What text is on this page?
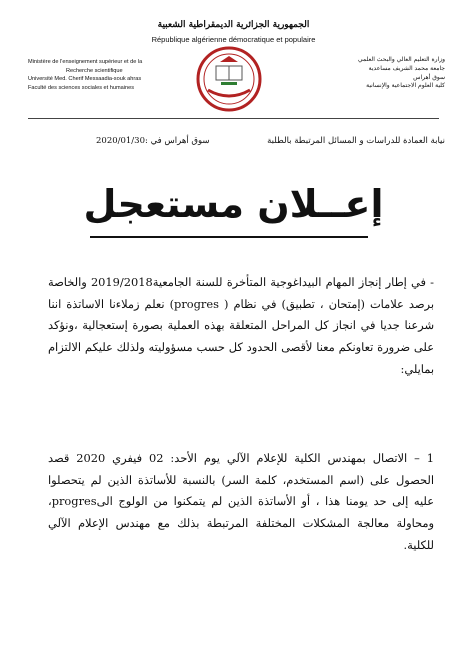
الجمهورية الجزائرية الديمقراطية الشعبية
République algérienne démocratique et populaire
Ministère de l'enseignement supérieur et de la
Recherche scientifique
Université Med. Cherif Messaadia-souk ahras
Faculté des sciences sociales et humaines
وزارة التعليم العالي والبحث العلمي
جامعة محمد الشريف مساعدية
سوق أهراس
كلية العلوم الاجتماعية والإنسانية
نيابة العمادة للدراسات و المسائل المرتبطة بالطلبة
سوق أهراس في :2020/01/30
إعــلان مستعجل
- في إطار إنجاز المهام البيداغوجية المتأخرة للسنة الجامعية2019/2018 والخاصة برصد علامات (إمتحان ، تطبيق) في نظام ( progres) نعلم زملاءنا الاساتذة اننا شرعنا جديا في انجاز كل المراحل المتعلقة بهذه العملية بصورة إستعجالية ،ونؤكد على ضرورة تعاونكم معنا لأقصى الحدود كل حسب مسؤوليته ولذلك عليكم الالتزام بمايلي:
1 – الاتصال بمهندس الكلية للإعلام الآلي يوم الأحد: 02 فيفري 2020 قصد الحصول على (اسم المستخدم، كلمة السر) بالنسبة للأساتذة الذين لم يتحصلوا عليه إلى حد يومنا هذا ، أو الأساتذة الذين لم يتمكنوا من الولوج الىprogres، ومحاولة معالجة المشكلات المختلفة المرتبطة بذلك مع مهندس الإعلام الآلي للكلية.
